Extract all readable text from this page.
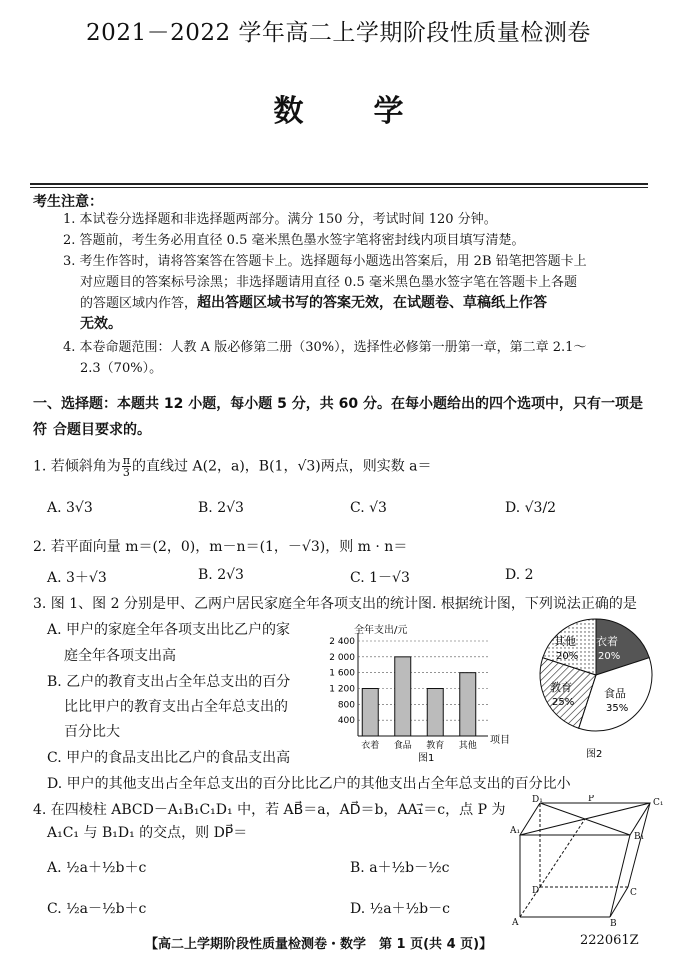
2021－2022 学年高二上学期阶段性质量检测卷
数 学
考生注意：
1. 本试卷分选择题和非选择题两部分。满分 150 分，考试时间 120 分钟。
2. 答题前，考生务必用直径 0.5 毫米黑色墨水签字笔将密封线内项目填写清楚。
3. 考生作答时，请将答案答在答题卡上。选择题每小题选出答案后，用 2B 铅笔把答题卡上
对应题目的答案标号涂黑；非选择题请用直径 0.5 毫米黑色墨水签字笔在答题卡上各题
的答题区域内作答，超出答题区域书写的答案无效，在试题卷、草稿纸上作答
无效。
4. 本卷命题范围：人教 A 版必修第二册（30%），选择性必修第一册第一章，第二章 2.1～
2.3（70%）。
一、选择题：本题共 12 小题，每小题 5 分，共 60 分。在每小题给出的四个选项中，只有一项是符 合题目要求的。
1. 若倾斜角为 $\frac{\pi}{3}$ 的直线过 A(2，a)，B(1，√3)两点，则实数 a＝
A. 3√3	B. 2√3	C. √3	D. √3/2
2. 若平面向量 m＝(2，0)，m－n＝(1，－√3)，则 m · n＝
A. 3＋√3	B. 2√3	C. 1－√3	D. 2
3. 图 1、图 2 分别是甲、乙两户居民家庭全年各项支出的统计图. 根据统计图，下列说法正确的是
A. 甲户的家庭全年各项支出比乙户的家
庭全年各项支出高
B. 乙户的教育支出占全年总支出的百分
比比甲户的教育支出占全年总支出的
百分比大
C. 甲户的食品支出比乙户的食品支出高
D. 甲户的其他支出占全年总支出的百分比比乙户的其他支出占全年总支出的百分比小
2 400
2 000
1 600
1 200
800
400
衣着 食品 教育 其他
全年支出/元
项目
图1
衣着
20%
食品
35%
教育
25%
其他
20%
图2
4. 在四棱柱 ABCD－A₁B₁C₁D₁ 中，若 AB⃗＝a，AD⃗＝b，AA₁⃗＝c，点 P 为
A₁C₁ 与 B₁D₁ 的交点，则 DP⃗＝
A. ½a＋½b＋c	B. a＋½b－½c
C. ½a－½b＋c	D. ½a＋½b－c
D₁	P	C₁
A₁
B₁
D	C
A	B
【高二上学期阶段性质量检测卷・数学　第 1 页(共 4 页)】	222061Z
